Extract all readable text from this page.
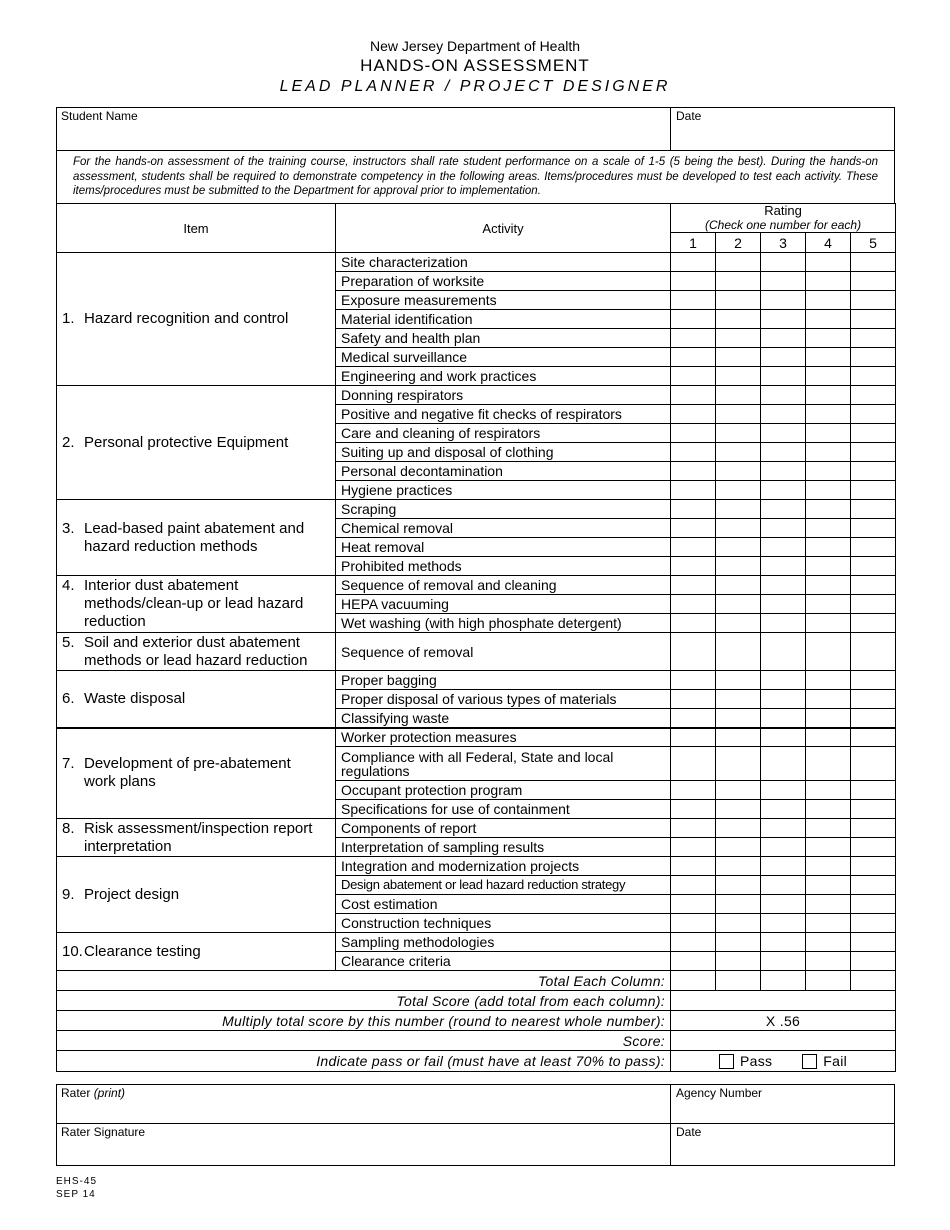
New Jersey Department of Health
HANDS-ON ASSESSMENT
LEAD PLANNER / PROJECT DESIGNER
Student Name	Date
For the hands-on assessment of the training course, instructors shall rate student performance on a scale of 1-5 (5 being the best). During the hands-on assessment, students shall be required to demonstrate competency in the following areas. Items/procedures must be developed to test each activity. These items/procedures must be submitted to the Department for approval prior to implementation.
Item	Activity	Rating
(Check one number for each)				

		1	2	3	4	5
1. Hazard recognition and control	Site characterization					
	Preparation of worksite					
	Exposure measurements					
	Material identification					
	Safety and health plan					
	Medical surveillance					
	Engineering and work practices					
2. Personal protective Equipment	Donning respirators					
	Positive and negative fit checks of respirators					
	Care and cleaning of respirators					
	Suiting up and disposal of clothing					
	Personal decontamination					
	Hygiene practices					
3. Lead-based paint abatement and hazard reduction methods	Scraping					
	Chemical removal					
	Heat removal					
	Prohibited methods					
4. Interior dust abatement methods/clean-up or lead hazard reduction	Sequence of removal and cleaning					
	HEPA vacuuming					
	Wet washing (with high phosphate detergent)					
5. Soil and exterior dust abatement methods or lead hazard reduction	Sequence of removal					
6. Waste disposal	Proper bagging					
	Proper disposal of various types of materials					
	Classifying waste					
7. Development of pre-abatement work plans	Worker protection measures					
	Compliance with all Federal, State and local regulations					
	Occupant protection program					
	Specifications for use of containment					
8. Risk assessment/inspection report interpretation	Components of report					
	Interpretation of sampling results					
9. Project design	Integration and modernization projects					
	Design abatement or lead hazard reduction strategy					
	Cost estimation					
	Construction techniques					
10.Clearance testing	Sampling methodologies					
	Clearance criteria					
Total Each Column:						
Total Score (add total from each column):						
Multiply total score by this number (round to nearest whole number):		X .56				
Score:						
Indicate pass or fail (must have at least 70% to pass):		Pass Fail				
Rater (print)	Agency Number
Rater Signature	Date
EHS-45
SEP 14
